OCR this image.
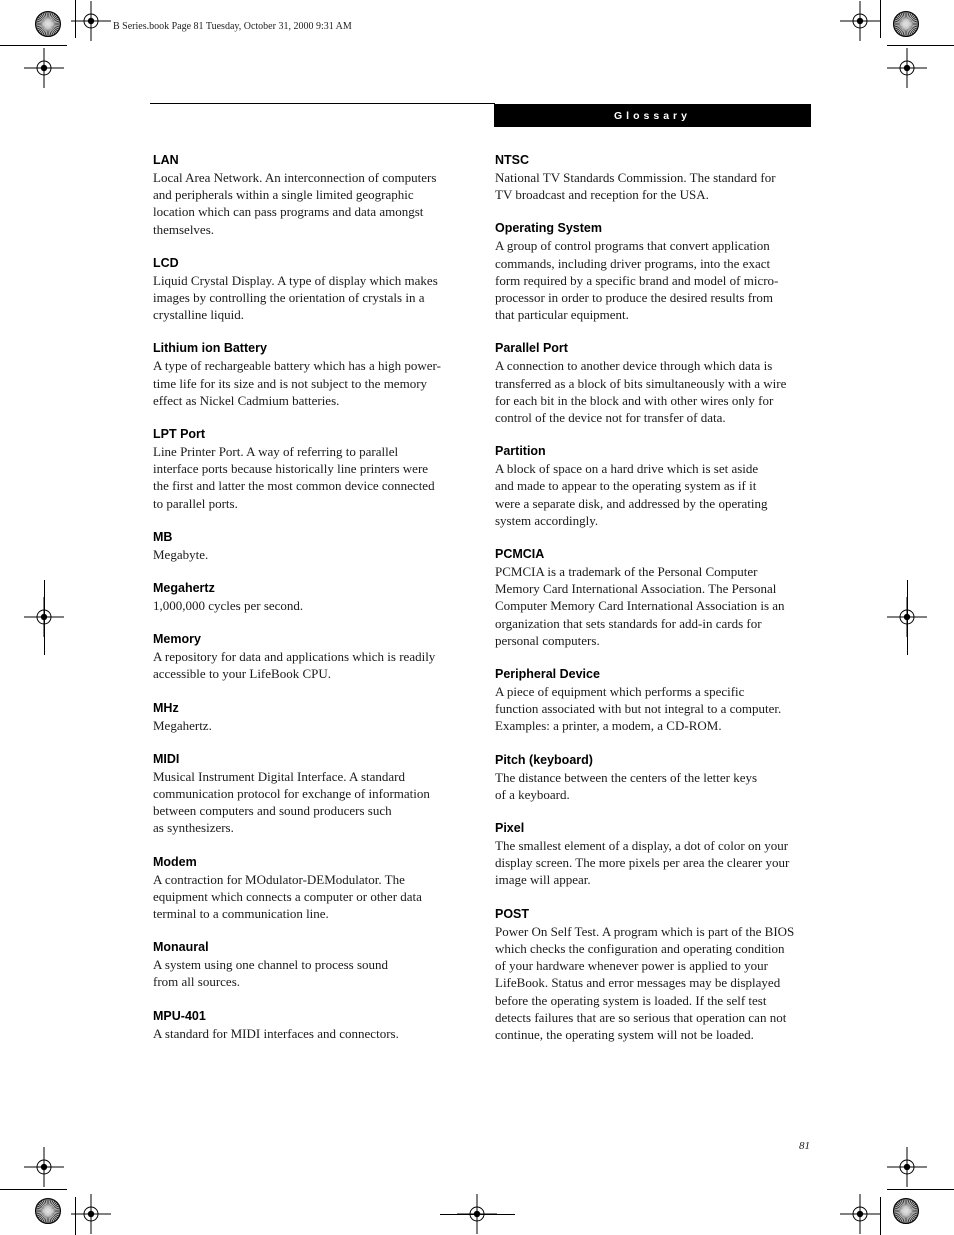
B Series.book Page 81 Tuesday, October 31, 2000 9:31 AM
Glossary
LAN
Local Area Network. An interconnection of computers
and peripherals within a single limited geographic
location which can pass programs and data amongst
themselves.
LCD
Liquid Crystal Display. A type of display which makes
images by controlling the orientation of crystals in a
crystalline liquid.
Lithium ion Battery
A type of rechargeable battery which has a high power-
time life for its size and is not subject to the memory
effect as Nickel Cadmium batteries.
LPT Port
Line Printer Port. A way of referring to parallel
interface ports because historically line printers were
the first and latter the most common device connected
to parallel ports.
MB
Megabyte.
Megahertz
1,000,000 cycles per second.
Memory
A repository for data and applications which is readily
accessible to your LifeBook CPU.
MHz
Megahertz.
MIDI
Musical Instrument Digital Interface. A standard
communication protocol for exchange of information
between computers and sound producers such
as synthesizers.
Modem
A contraction for MOdulator-DEModulator. The
equipment which connects a computer or other data
terminal to a communication line.
Monaural
A system using one channel to process sound
from all sources.
MPU-401
A standard for MIDI interfaces and connectors.
NTSC
National TV Standards Commission. The standard for
TV broadcast and reception for the USA.
Operating System
A group of control programs that convert application
commands, including driver programs, into the exact
form required by a specific brand and model of micro-
processor in order to produce the desired results from
that particular equipment.
Parallel Port
A connection to another device through which data is
transferred as a block of bits simultaneously with a wire
for each bit in the block and with other wires only for
control of the device not for transfer of data.
Partition
A block of space on a hard drive which is set aside
and made to appear to the operating system as if it
were a separate disk, and addressed by the operating
system accordingly.
PCMCIA
PCMCIA is a trademark of the Personal Computer
Memory Card International Association. The Personal
Computer Memory Card International Association is an
organization that sets standards for add-in cards for
personal computers.
Peripheral Device
A piece of equipment which performs a specific
function associated with but not integral to a computer.
Examples: a printer, a modem, a CD-ROM.
Pitch (keyboard)
The distance between the centers of the letter keys
of a keyboard.
Pixel
The smallest element of a display, a dot of color on your
display screen. The more pixels per area the clearer your
image will appear.
POST
Power On Self Test. A program which is part of the BIOS
which checks the configuration and operating condition
of your hardware whenever power is applied to your
LifeBook. Status and error messages may be displayed
before the operating system is loaded. If the self test
detects failures that are so serious that operation can not
continue, the operating system will not be loaded.
81
